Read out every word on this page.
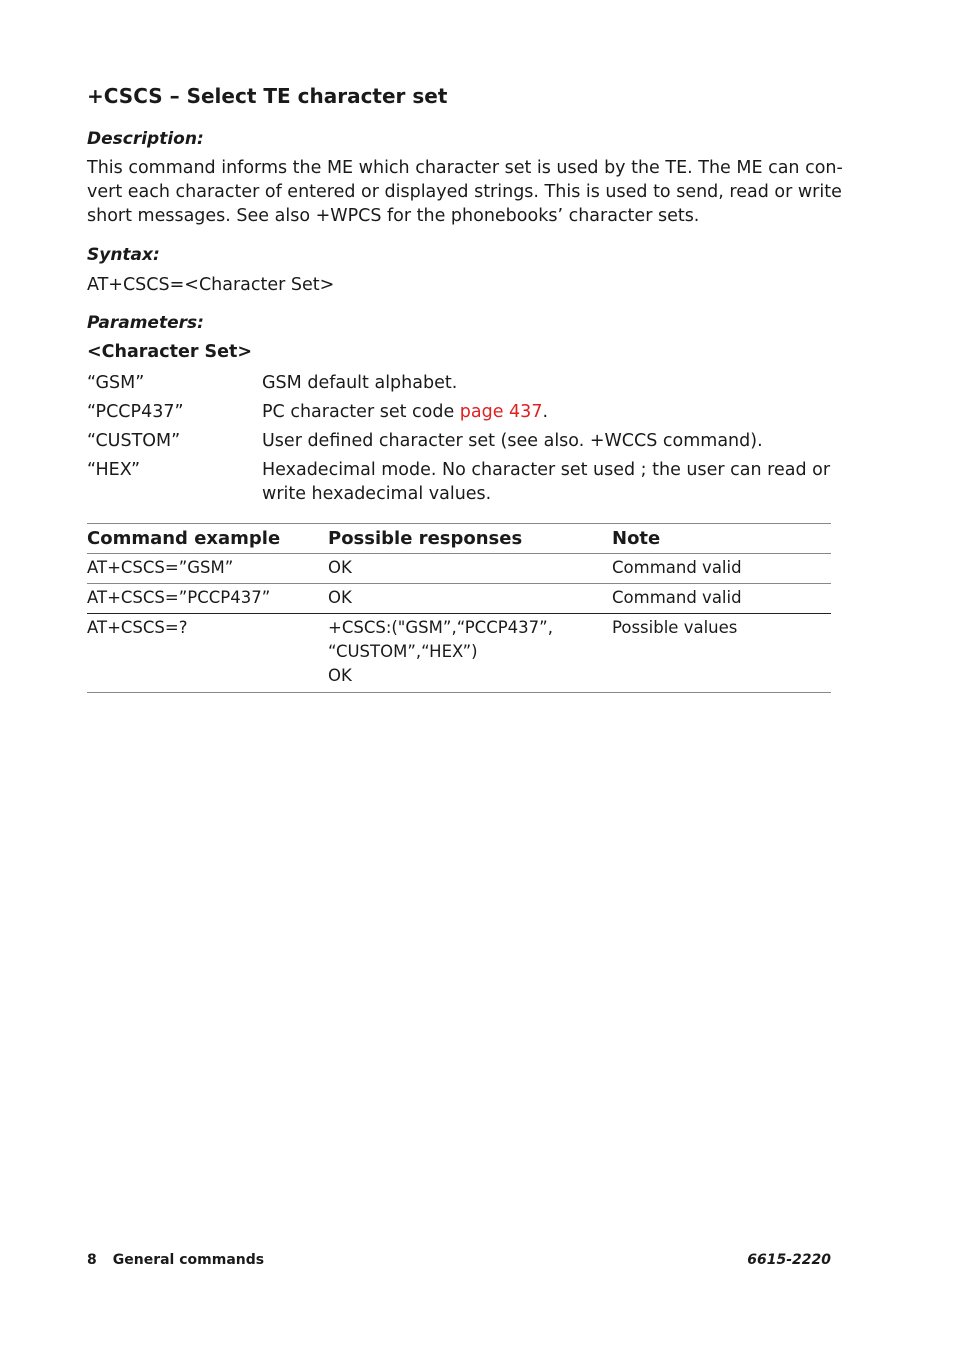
+CSCS – Select TE character set
Description:
This command informs the ME which character set is used by the TE. The ME can con-
vert each character of entered or displayed strings. This is used to send, read or write
short messages. See also +WPCS for the phonebooks’ character sets.
Syntax:
AT+CSCS=<Character Set>
Parameters:
<Character Set>
“GSM”	GSM default alphabet.
“PCCP437”	PC character set code page 437.
“CUSTOM”	User defined character set (see also. +WCCS command).
“HEX”	Hexadecimal mode. No character set used ; the user can read or
write hexadecimal values.
Command example	Possible responses	Note
AT+CSCS=”GSM”	OK	Command valid
AT+CSCS=”PCCP437”	OK	Command valid
AT+CSCS=?	+CSCS:("GSM”,“PCCP437”,
“CUSTOM”,“HEX”)
OK	Possible values
8 General commands	6615-2220
